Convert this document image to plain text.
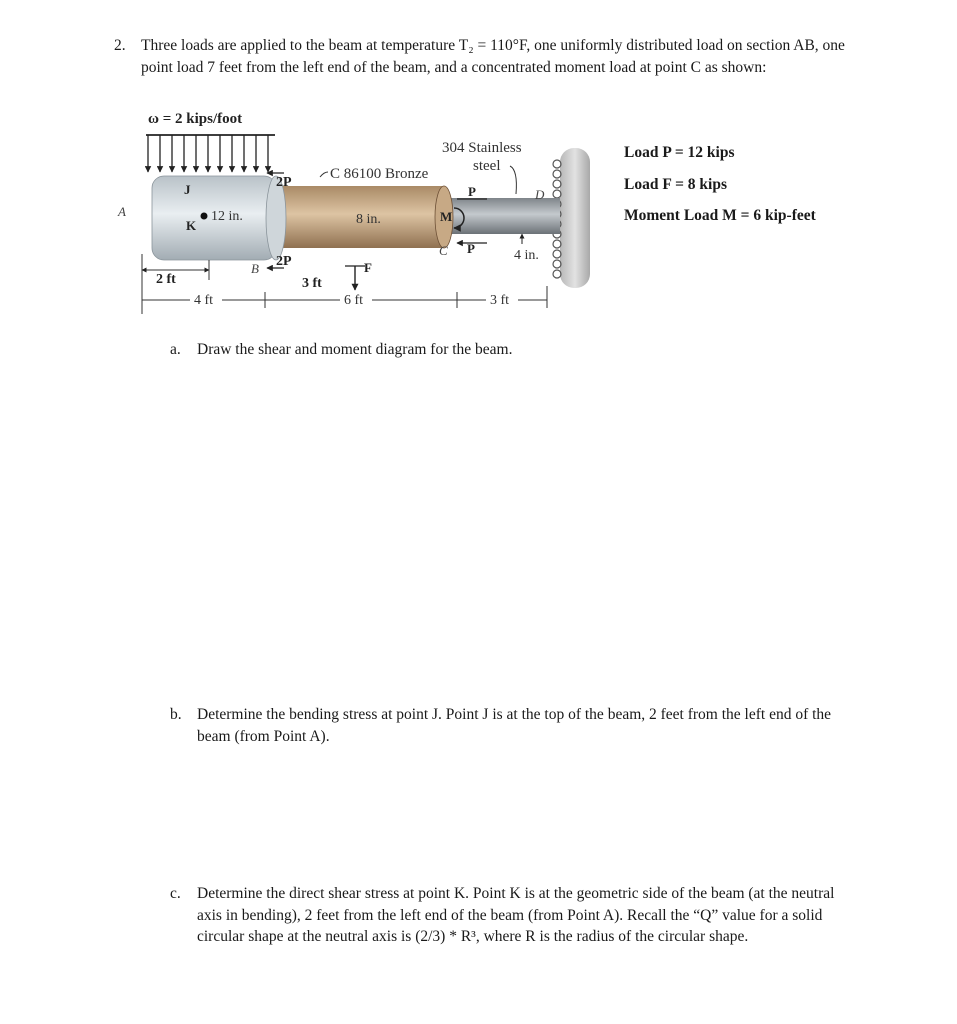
2. Three loads are applied to the beam at temperature T₂ = 110°F, one uniformly distributed load on section AB, one point load 7 feet from the left end of the beam, and a concentrated moment load at point C as shown:
ω = 2 kips/foot
A
J
K
12 in.
2P
B 2P
C 86100 Bronze
8 in.
304 Stainless
steel
P	D
M
C P	4 in.
F
2 ft	3 ft
4 ft	6 ft	3 ft
Load P = 12 kips
Load F = 8 kips
Moment Load M = 6 kip-feet
a. Draw the shear and moment diagram for the beam.
b. Determine the bending stress at point J. Point J is at the top of the beam, 2 feet from the left end of the beam (from Point A).
c. Determine the direct shear stress at point K. Point K is at the geometric side of the beam (at the neutral axis in bending), 2 feet from the left end of the beam (from Point A). Recall the “Q” value for a solid circular shape at the neutral axis is (2/3) * R³, where R is the radius of the circular shape.
